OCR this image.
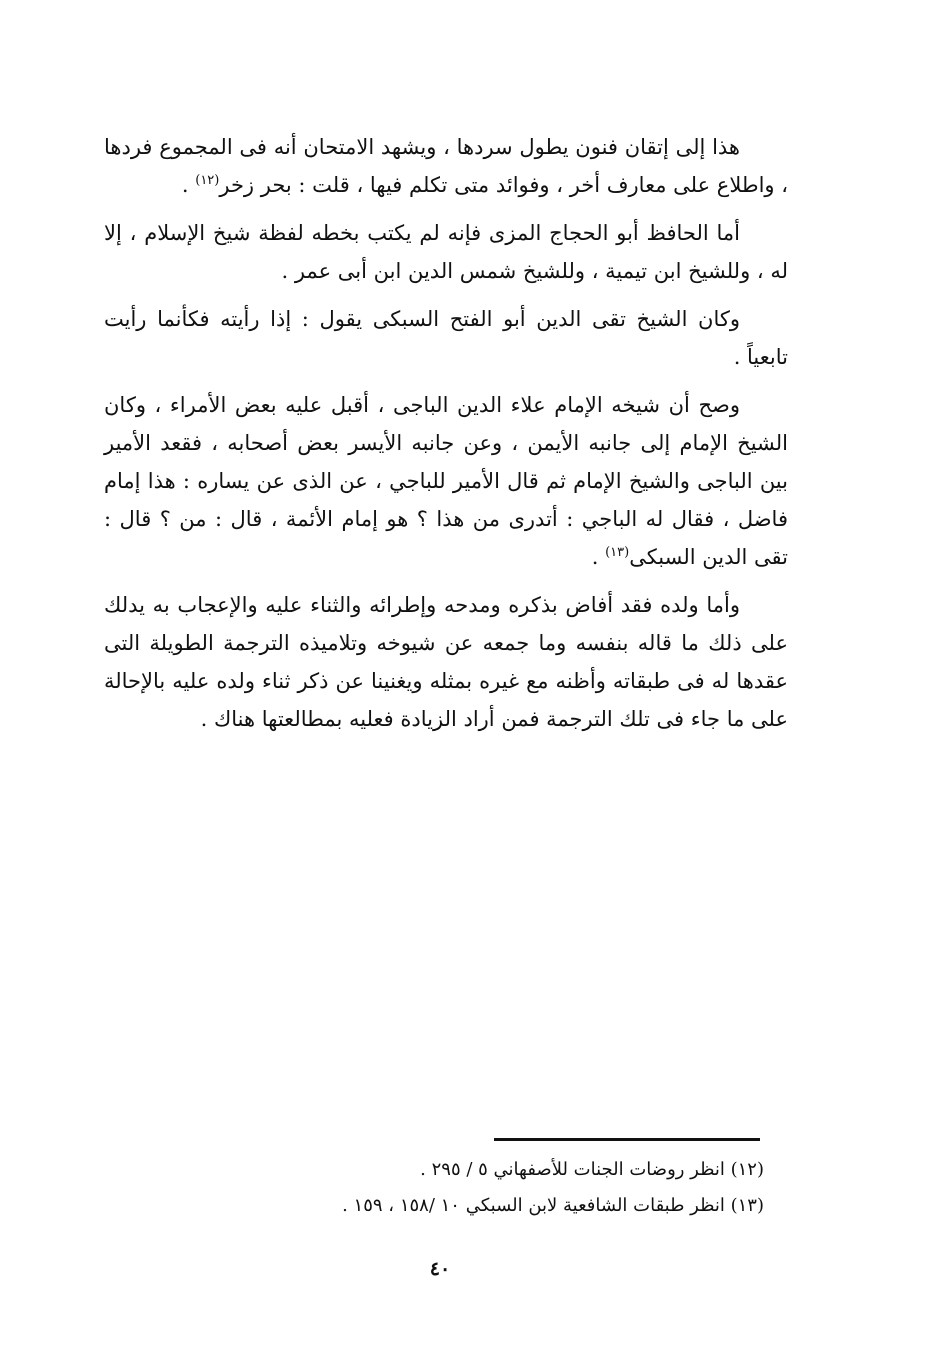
هذا إلى إتقان فنون يطول سردها ، ويشهد الامتحان أنه فى المجموع فردها ، واطلاع على معارف أخر ، وفوائد متى تكلم فيها ، قلت : بحر زخر$^{(١٢)}$ .

أما الحافظ أبو الحجاج المزى فإنه لم يكتب بخطه لفظة شيخ الإسلام ، إلا له ، وللشيخ ابن تيمية ، وللشيخ شمس الدين ابن أبى عمر .

وكان الشيخ تقى الدين أبو الفتح السبكى يقول : إذا رأيته فكأنما رأيت تابعياً .

وصح أن شيخه الإمام علاء الدين الباجى ، أقبل عليه بعض الأمراء ، وكان الشيخ الإمام إلى جانبه الأيمن ، وعن جانبه الأيسر بعض أصحابه ، فقعد الأمير بين الباجى والشيخ الإمام ثم قال الأمير للباجي ، عن الذى عن يساره : هذا إمام فاضل ، فقال له الباجي : أتدرى من هذا ؟ هو إمام الأئمة ، قال : من ؟ قال : تقى الدين السبكى$^{(١٣)}$ .

وأما ولده فقد أفاض بذكره ومدحه وإطرائه والثناء عليه والإعجاب به يدلك على ذلك ما قاله بنفسه وما جمعه عن شيوخه وتلاميذه الترجمة الطويلة التى عقدها له فى طبقاته وأظنه مع غيره بمثله ويغنينا عن ذكر ثناء ولده عليه بالإحالة على ما جاء فى تلك الترجمة فمن أراد الزيادة فعليه بمطالعتها هناك .

(١٢) انظر روضات الجنات للأصفهاني ٥ / ٢٩٥ .

(١٣) انظر طبقات الشافعية لابن السبكي ١٠ /١٥٨ ، ١٥٩ .

٤٠
